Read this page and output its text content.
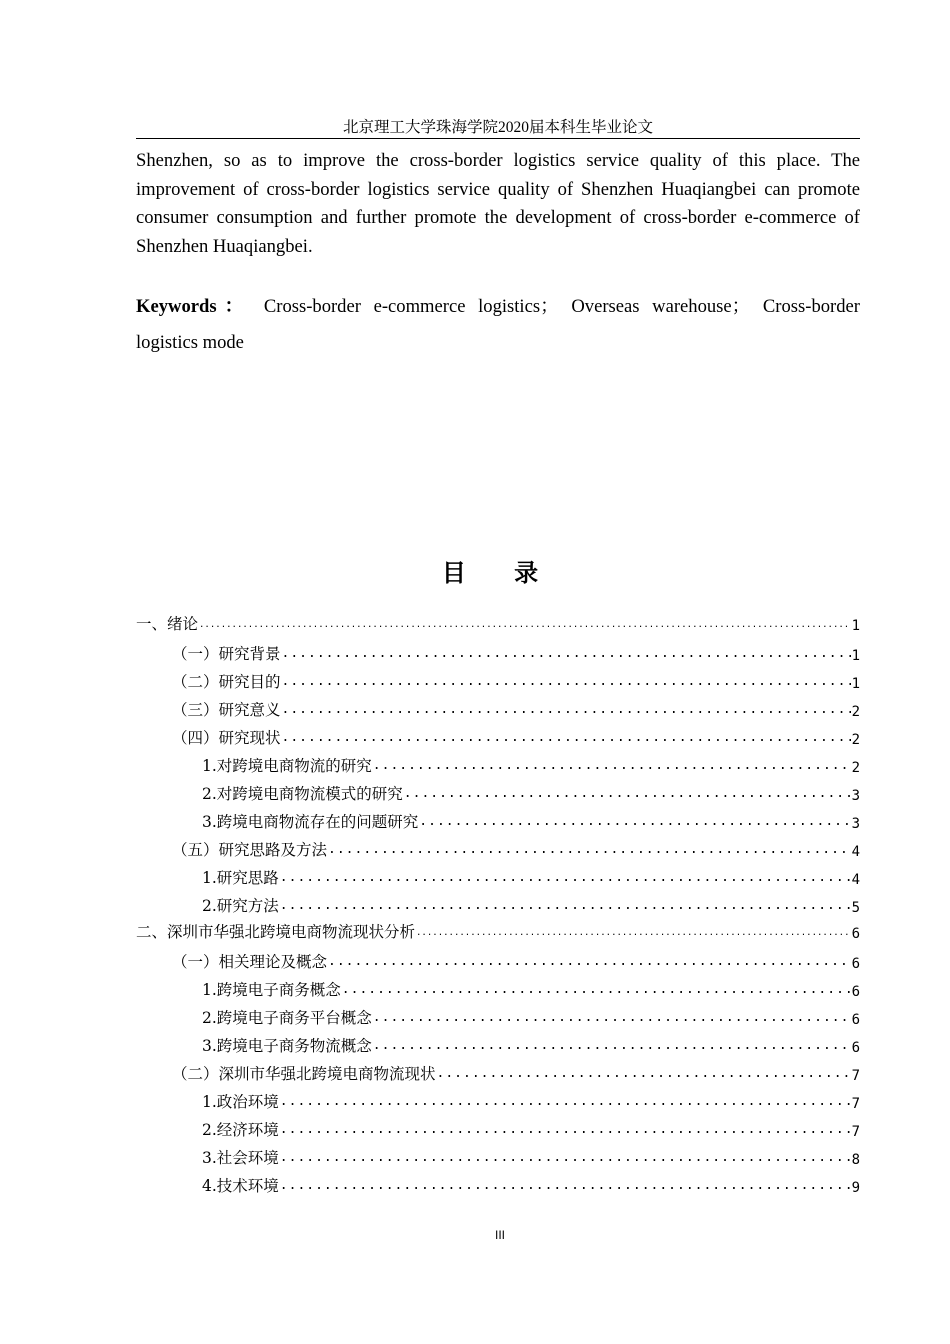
北京理工大学珠海学院2020届本科生毕业论文

Shenzhen, so as to improve the cross-border logistics service quality of this place. The improvement of cross-border logistics service quality of Shenzhen Huaqiangbei can promote consumer consumption and further promote the development of cross-border e-commerce of Shenzhen Huaqiangbei.

Keywords： Cross-border e-commerce logistics； Overseas warehouse； Cross-border logistics mode

目 录
一、绪论 .....	1
（一）研究背景 .....	1
（二）研究目的 .....	1
（三）研究意义 .....	2
（四）研究现状 .....	2
1.对跨境电商物流的研究 .....	2
2.对跨境电商物流模式的研究 .....	3
3.跨境电商物流存在的问题研究 .....	3
（五）研究思路及方法 .....	4
1.研究思路 .....	4
2.研究方法 .....	5
二、深圳市华强北跨境电商物流现状分析 .....	6
（一）相关理论及概念 .....	6
1.跨境电子商务概念 .....	6
2.跨境电子商务平台概念 .....	6
3.跨境电子商务物流概念 .....	6
（二）深圳市华强北跨境电商物流现状 .....	7
1.政治环境 .....	7
2.经济环境 .....	7
3.社会环境 .....	8
4.技术环境 .....	9
III
